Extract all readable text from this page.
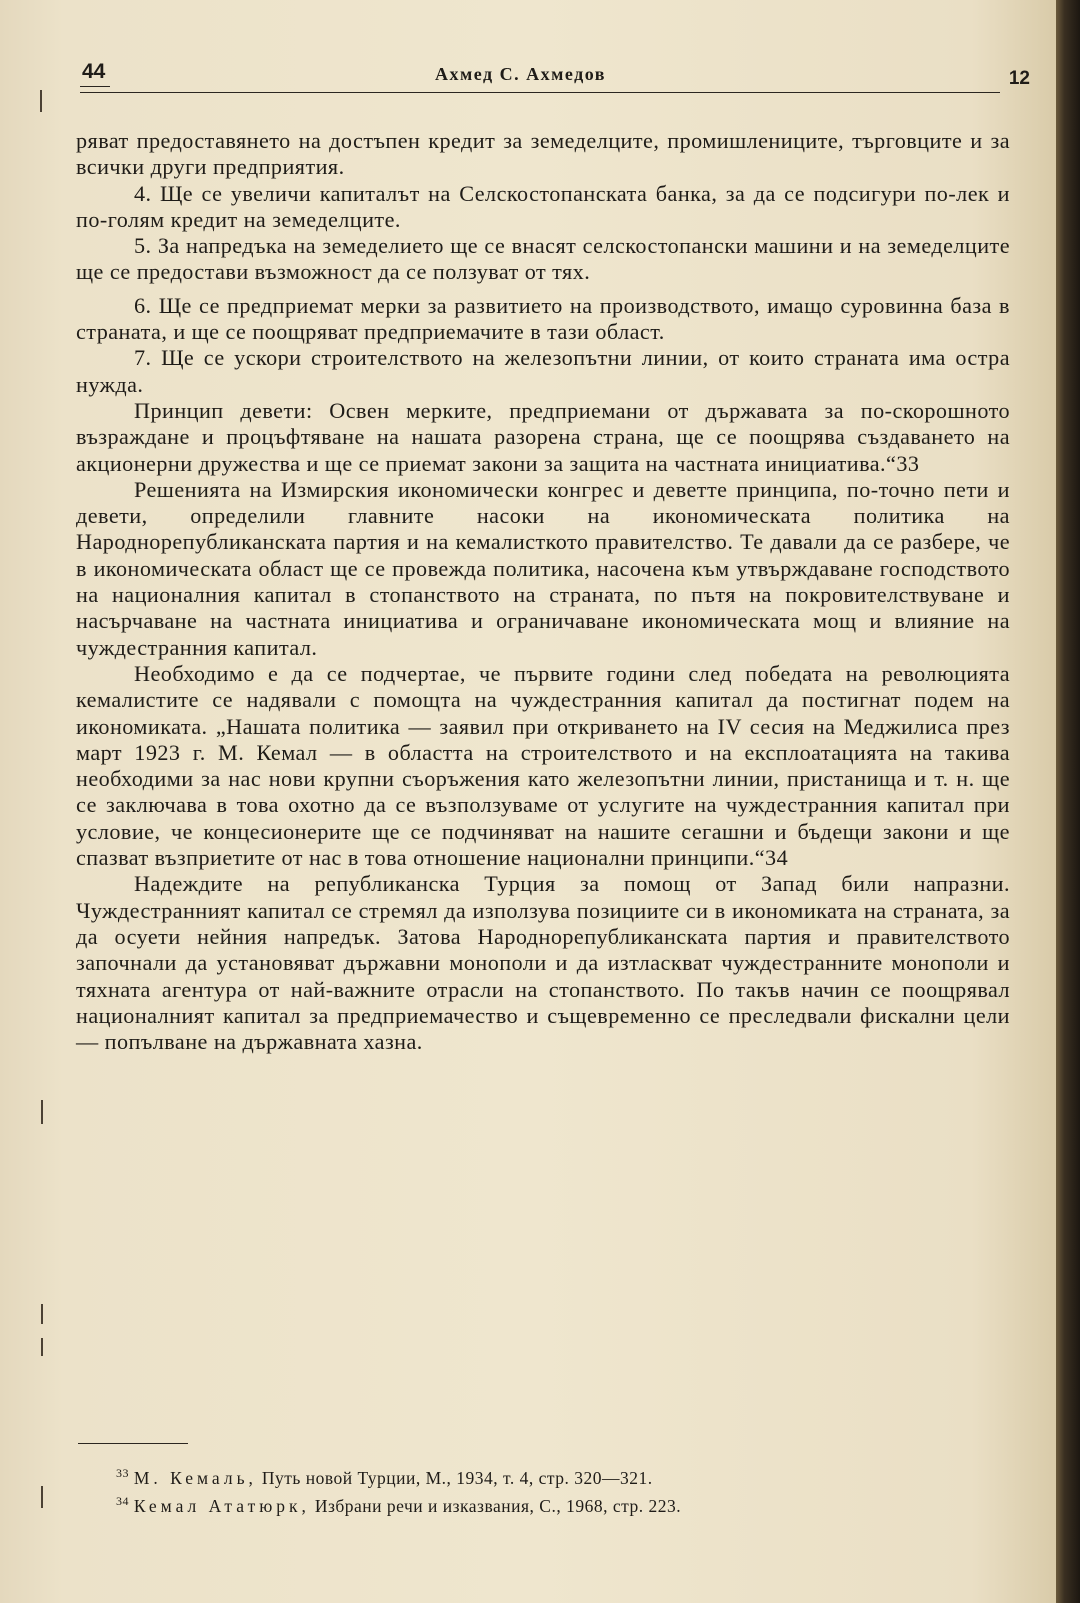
44	Ахмед С. Ахмедов	12

ряват предоставянето на достъпен кредит за земеделците, промишлениците, търговците и за всички други предприятия.

4. Ще се увеличи капиталът на Селскостопанската банка, за да се подсигури по-лек и по-голям кредит на земеделците.

5. За напредъка на земеделието ще се внасят селскостопански машини и на земеделците ще се предостави възможност да се ползуват от тях.

6. Ще се предприемат мерки за развитието на производството, имащо суровинна база в страната, и ще се поощряват предприемачите в тази област.

7. Ще се ускори строителството на железопътни линии, от които страната има остра нужда.

Принцип девети: Освен мерките, предприемани от държавата за по-скорошното възраждане и процъфтяване на нашата разорена страна, ще се поощрява създаването на акционерни дружества и ще се приемат закони за защита на частната инициатива.“33

Решенията на Измирския икономически конгрес и деветте принципа, по-точно пети и девети, определили главните насоки на икономическата политика на Народнорепубликанската партия и на кемалисткото правителство. Те давали да се разбере, че в икономическата област ще се провежда политика, насочена към утвърждаване господството на националния капитал в стопанството на страната, по пътя на покровителствуване и насърчаване на частната инициатива и ограничаване икономическата мощ и влияние на чуждестранния капитал.

Необходимо е да се подчертае, че първите години след победата на революцията кемалистите се надявали с помощта на чуждестранния капитал да постигнат подем на икономиката. „Нашата политика — заявил при откриването на IV сесия на Меджилиса през март 1923 г. М. Кемал — в областта на строителството и на експлоатацията на такива необходими за нас нови крупни съоръжения като железопътни линии, пристанища и т. н. ще се заключава в това охотно да се възползуваме от услугите на чуждестранния капитал при условие, че концесионерите ще се подчиняват на нашите сегашни и бъдещи закони и ще спазват възприетите от нас в това отношение национални принципи.“34

Надеждите на републиканска Турция за помощ от Запад били напразни. Чуждестранният капитал се стремял да използува позициите си в икономиката на страната, за да осуети нейния напредък. Затова Народнорепубликанската партия и правителството започнали да установяват държавни монополи и да изтласкват чуждестранните монополи и тяхната агентура от най-важните отрасли на стопанството. По такъв начин се поощрявал националният капитал за предприемачество и същевременно се преследвали фискални цели — попълване на държавната хазна.

$^{33}$ М. Кемаль, Путь новой Турции, М., 1934, т. 4, стр. 320—321.
$^{34}$ Кемал Ататюрк, Избрани речи и изказвания, С., 1968, стр. 223.
